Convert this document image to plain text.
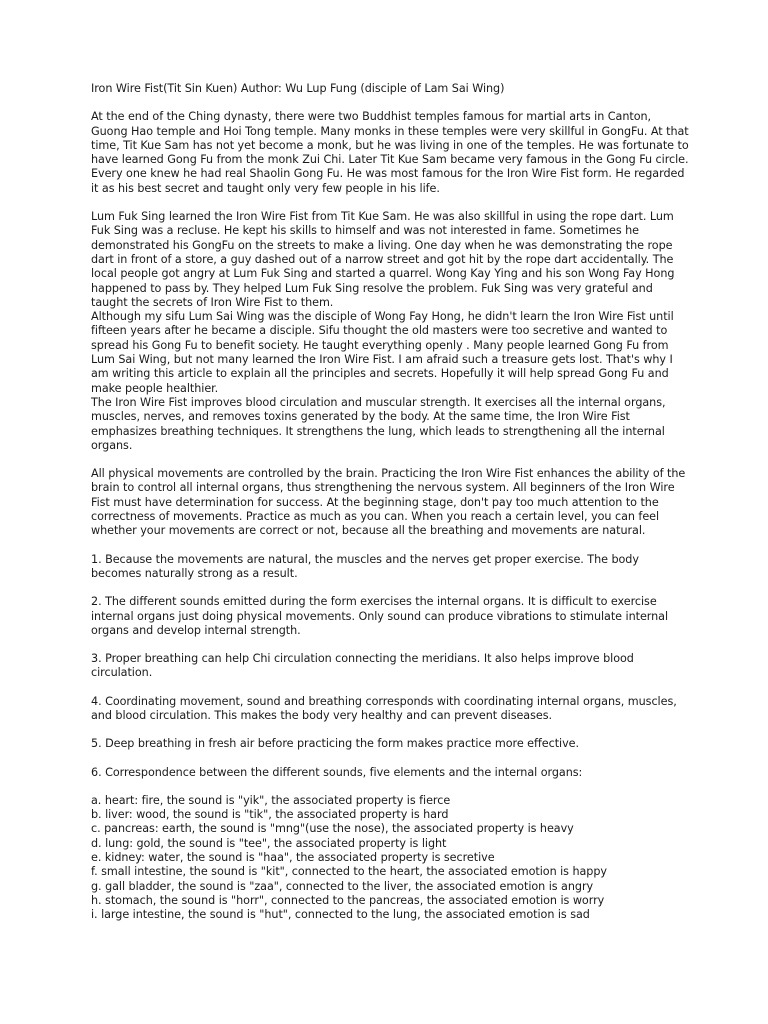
Iron Wire Fist(Tit Sin Kuen) Author: Wu Lup Fung (disciple of Lam Sai Wing)

At the end of the Ching dynasty, there were two Buddhist temples famous for martial arts in Canton, Guong Hao temple and Hoi Tong temple. Many monks in these temples were very skillful in GongFu. At that time, Tit Kue Sam has not yet become a monk, but he was living in one of the temples. He was fortunate to have learned Gong Fu from the monk Zui Chi. Later Tit Kue Sam became very famous in the Gong Fu circle. Every one knew he had real Shaolin Gong Fu. He was most famous for the Iron Wire Fist form. He regarded it as his best secret and taught only very few people in his life.

Lum Fuk Sing learned the Iron Wire Fist from Tit Kue Sam. He was also skillful in using the rope dart. Lum Fuk Sing was a recluse. He kept his skills to himself and was not interested in fame. Sometimes he demonstrated his GongFu on the streets to make a living. One day when he was demonstrating the rope dart in front of a store, a guy dashed out of a narrow street and got hit by the rope dart accidentally. The local people got angry at Lum Fuk Sing and started a quarrel. Wong Kay Ying and his son Wong Fay Hong happened to pass by. They helped Lum Fuk Sing resolve the problem. Fuk Sing was very grateful and taught the secrets of Iron Wire Fist to them.

Although my sifu Lum Sai Wing was the disciple of Wong Fay Hong, he didn't learn the Iron Wire Fist until fifteen years after he became a disciple. Sifu thought the old masters were too secretive and wanted to spread his Gong Fu to benefit society. He taught everything openly . Many people learned Gong Fu from Lum Sai Wing, but not many learned the Iron Wire Fist. I am afraid such a treasure gets lost. That's why I am writing this article to explain all the principles and secrets. Hopefully it will help spread Gong Fu and make people healthier.

The Iron Wire Fist improves blood circulation and muscular strength. It exercises all the internal organs, muscles, nerves, and removes toxins generated by the body. At the same time, the Iron Wire Fist emphasizes breathing techniques. It strengthens the lung, which leads to strengthening all the internal organs.

All physical movements are controlled by the brain. Practicing the Iron Wire Fist enhances the ability of the brain to control all internal organs, thus strengthening the nervous system. All beginners of the Iron Wire Fist must have determination for success. At the beginning stage, don't pay too much attention to the correctness of movements. Practice as much as you can. When you reach a certain level, you can feel whether your movements are correct or not, because all the breathing and movements are natural.

1. Because the movements are natural, the muscles and the nerves get proper exercise. The body becomes naturally strong as a result.

2. The different sounds emitted during the form exercises the internal organs. It is difficult to exercise internal organs just doing physical movements. Only sound can produce vibrations to stimulate internal organs and develop internal strength.

3. Proper breathing can help Chi circulation connecting the meridians. It also helps improve blood circulation.

4. Coordinating movement, sound and breathing corresponds with coordinating internal organs, muscles, and blood circulation. This makes the body very healthy and can prevent diseases.

5. Deep breathing in fresh air before practicing the form makes practice more effective.

6. Correspondence between the different sounds, five elements and the internal organs:

a. heart: fire, the sound is "yik", the associated property is fierce

b. liver: wood, the sound is "tik", the associated property is hard

c. pancreas: earth, the sound is "mng"(use the nose), the associated property is heavy

d. lung: gold, the sound is "tee", the associated property is light

e. kidney: water, the sound is "haa", the associated property is secretive

f. small intestine, the sound is "kit", connected to the heart, the associated emotion is happy

g. gall bladder, the sound is "zaa", connected to the liver, the associated emotion is angry

h. stomach, the sound is "horr", connected to the pancreas, the associated emotion is worry

i. large intestine, the sound is "hut", connected to the lung, the associated emotion is sad
